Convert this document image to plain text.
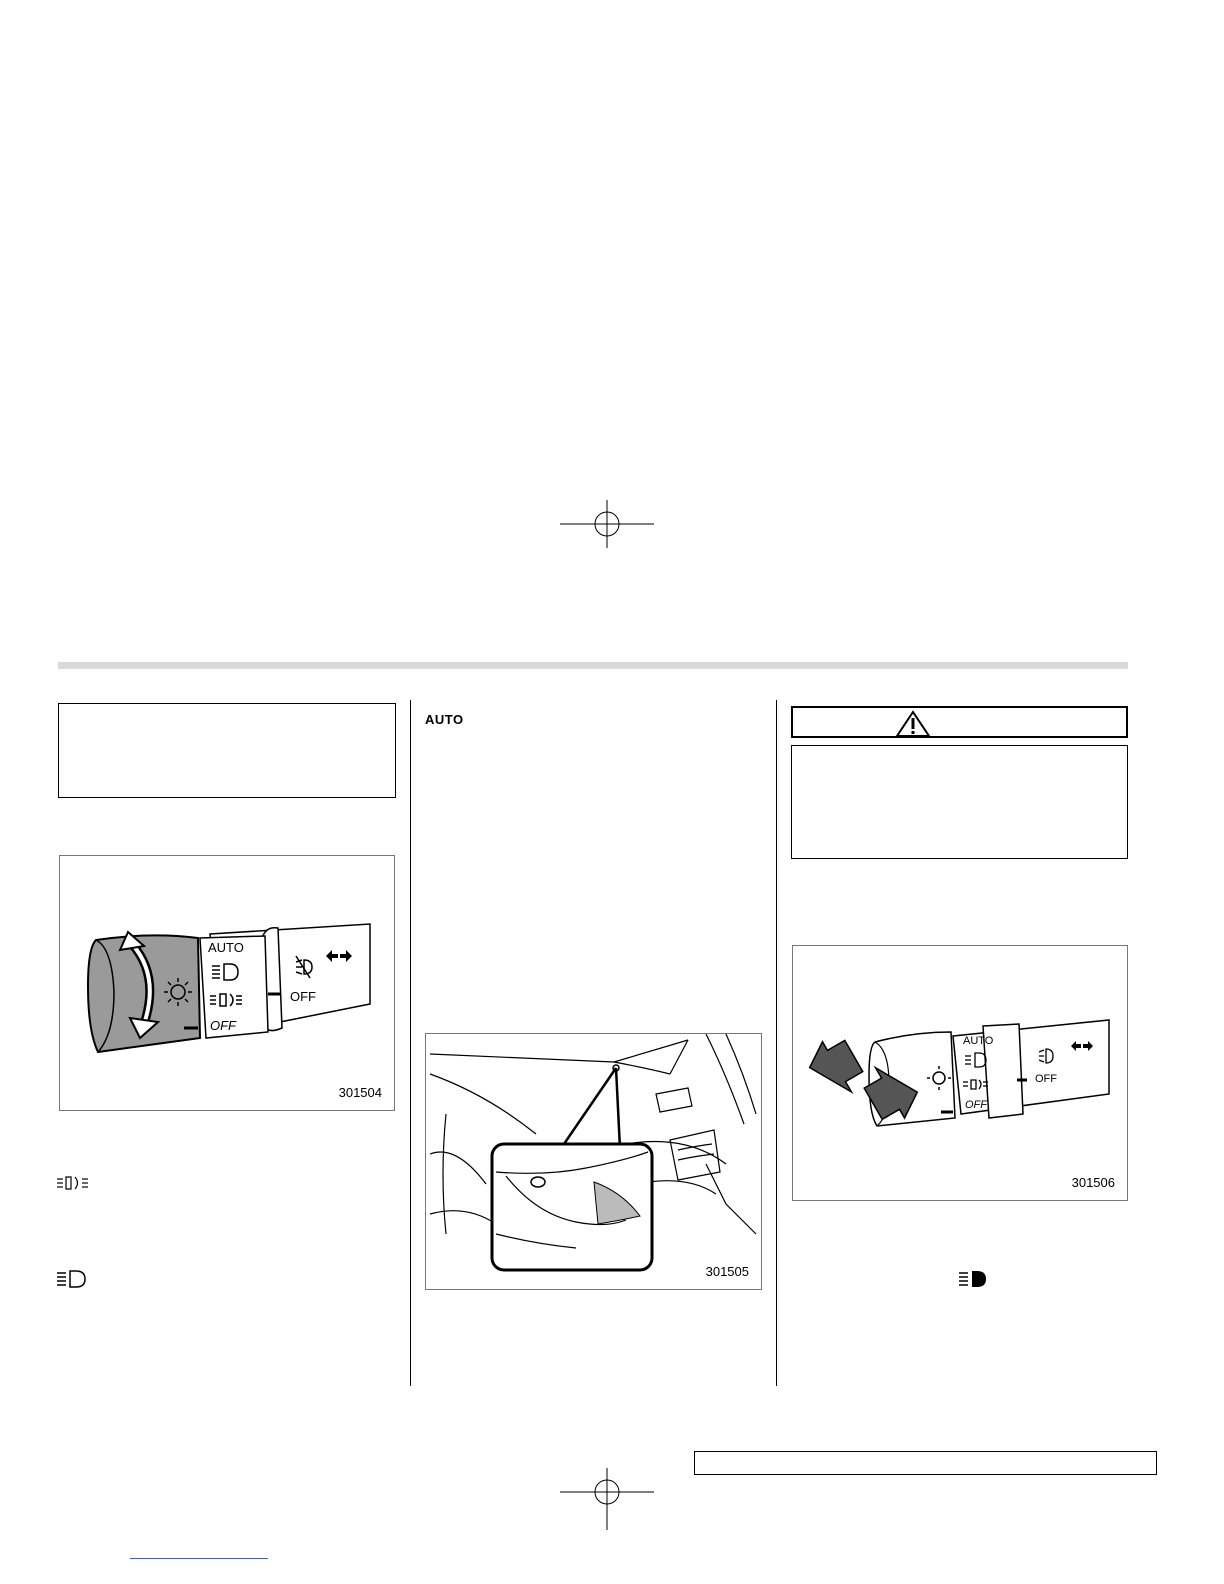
AUTO
OFF
OFF
301504
AUTO
301505
AUTO
OFF
OFF
301506
